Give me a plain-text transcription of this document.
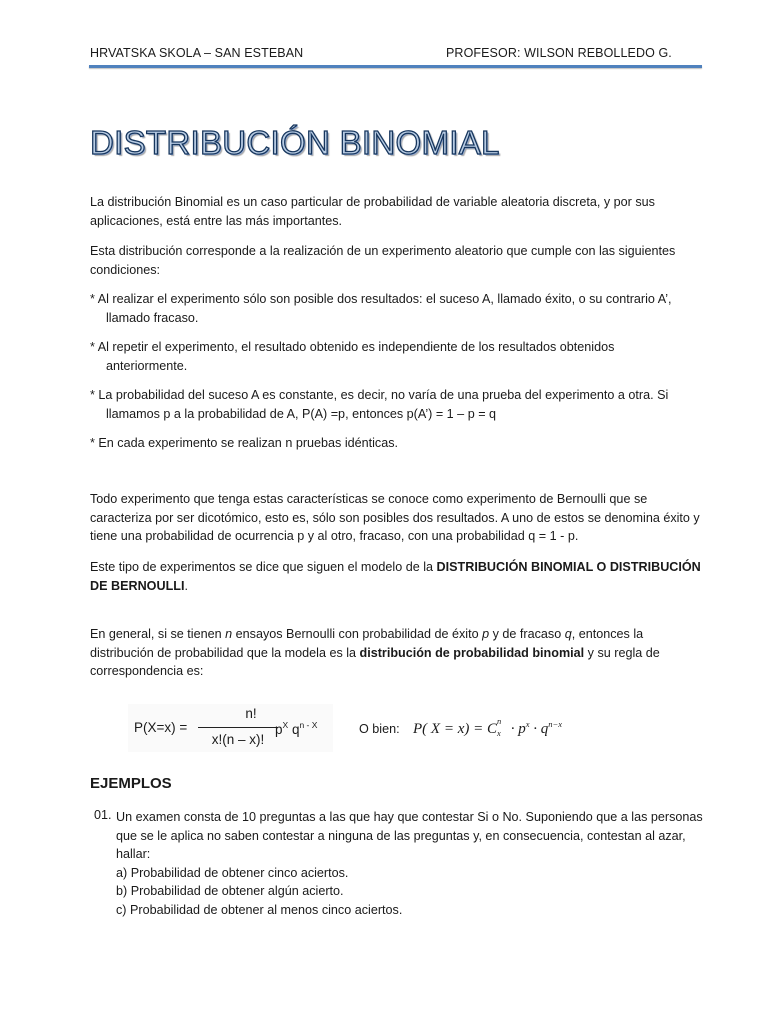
HRVATSKA SKOLA – SAN ESTEBAN	PROFESOR: WILSON REBOLLEDO G.
DISTRIBUCIÓN BINOMIAL

La distribución Binomial es un caso particular de probabilidad de variable aleatoria discreta, y por sus aplicaciones, está entre las más importantes.

Esta distribución corresponde a la realización de un experimento aleatorio que cumple con las siguientes condiciones:

* Al realizar el experimento sólo son posible dos resultados: el suceso A, llamado éxito, o su contrario A’,
llamado fracaso.

* Al repetir el experimento, el resultado obtenido es independiente de los resultados obtenidos
anteriormente.

* La probabilidad del suceso A es constante, es decir, no varía de una prueba del experimento a otra. Si
llamamos p a la probabilidad de A, P(A) =p, entonces p(A’) = 1 – p = q

* En cada experimento se realizan n pruebas idénticas.

Todo experimento que tenga estas características se conoce como experimento de Bernoulli que se caracteriza por ser dicotómico, esto es, sólo son posibles dos resultados. A uno de estos se denomina éxito y tiene una probabilidad de ocurrencia p y al otro, fracaso, con una probabilidad q = 1 - p.

Este tipo de experimentos se dice que siguen el modelo de la DISTRIBUCIÓN BINOMIAL O DISTRIBUCIÓN DE BERNOULLI.

En general, si se tienen n ensayos Bernoulli con probabilidad de éxito p y de fracaso q, entonces la distribución de probabilidad que la modela es la distribución de probabilidad binomial y su regla de correspondencia es:

P(X=x) =
n!
x!(n – x)!
$p^X$ $q^{n - X}$	O bien: P( X = x) = C
n
$x \cdot p^x \cdot q^{n-x}$
EJEMPLOS
01. Un examen consta de 10 preguntas a las que hay que contestar Si o No. Suponiendo que a las personas
que se le aplica no saben contestar a ninguna de las preguntas y, en consecuencia, contestan al azar,
hallar:
a) Probabilidad de obtener cinco aciertos.
b) Probabilidad de obtener algún acierto.
c) Probabilidad de obtener al menos cinco aciertos.
